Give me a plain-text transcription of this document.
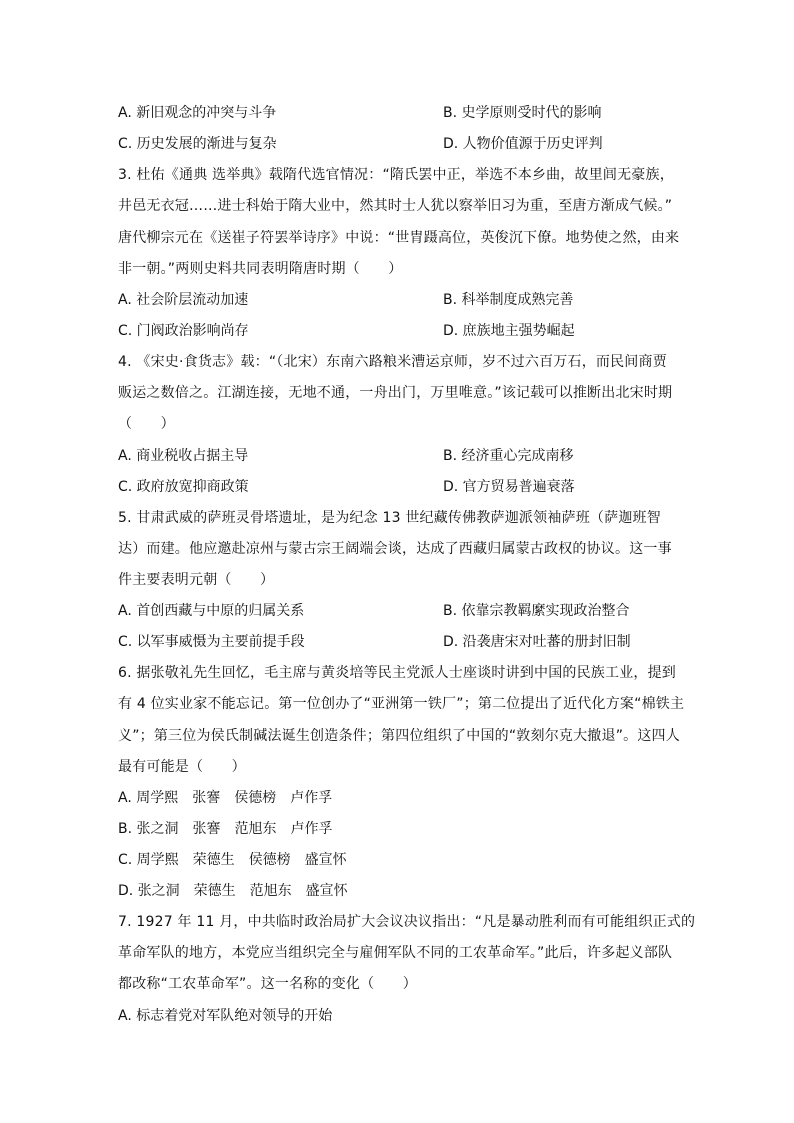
A. 新旧观念的冲突与斗争	B. 史学原则受时代的影响
C. 历史发展的渐进与复杂	D. 人物价值源于历史评判
3. 杜佑《通典 选举典》载隋代选官情况：“隋氏罢中正，举选不本乡曲，故里闾无豪族，
井邑无衣冠……进士科始于隋大业中，然其时士人犹以察举旧习为重，至唐方渐成气候。”
唐代柳宗元在《送崔子符罢举诗序》中说：“世胄蹑高位，英俊沉下僚。地势使之然，由来
非一朝。”两则史料共同表明隋唐时期（　　）
A. 社会阶层流动加速	B. 科举制度成熟完善
C. 门阀政治影响尚存	D. 庶族地主强势崛起
4. 《宋史·食货志》载：“（北宋）东南六路粮米漕运京师，岁不过六百万石，而民间商贾
贩运之数倍之。江湖连接，无地不通，一舟出门，万里唯意。”该记载可以推断出北宋时期
（　　）
A. 商业税收占据主导	B. 经济重心完成南移
C. 政府放宽抑商政策	D. 官方贸易普遍衰落
5. 甘肃武威的萨班灵骨塔遗址，是为纪念 13 世纪藏传佛教萨迦派领袖萨班（萨迦班智
达）而建。他应邀赴凉州与蒙古宗王阔端会谈，达成了西藏归属蒙古政权的协议。这一事
件主要表明元朝（　　）
A. 首创西藏与中原的归属关系	B. 依靠宗教羁縻实现政治整合
C. 以军事威慑为主要前提手段	D. 沿袭唐宋对吐蕃的册封旧制
6. 据张敬礼先生回忆，毛主席与黄炎培等民主党派人士座谈时讲到中国的民族工业，提到
有 4 位实业家不能忘记。第一位创办了“亚洲第一铁厂”；第二位提出了近代化方案“棉铁主
义”；第三位为侯氏制碱法诞生创造条件；第四位组织了中国的“敦刻尔克大撤退”。这四人
最有可能是（　　）
A. 周学熙　张謇　侯德榜　卢作孚
B. 张之洞　张謇　范旭东　卢作孚
C. 周学熙　荣德生　侯德榜　盛宣怀
D. 张之洞　荣德生　范旭东　盛宣怀
7. 1927 年 11 月，中共临时政治局扩大会议决议指出：“凡是暴动胜利而有可能组织正式的
革命军队的地方，本党应当组织完全与雇佣军队不同的工农革命军。”此后，许多起义部队
都改称“工农革命军”。这一名称的变化（　　）
A. 标志着党对军队绝对领导的开始
